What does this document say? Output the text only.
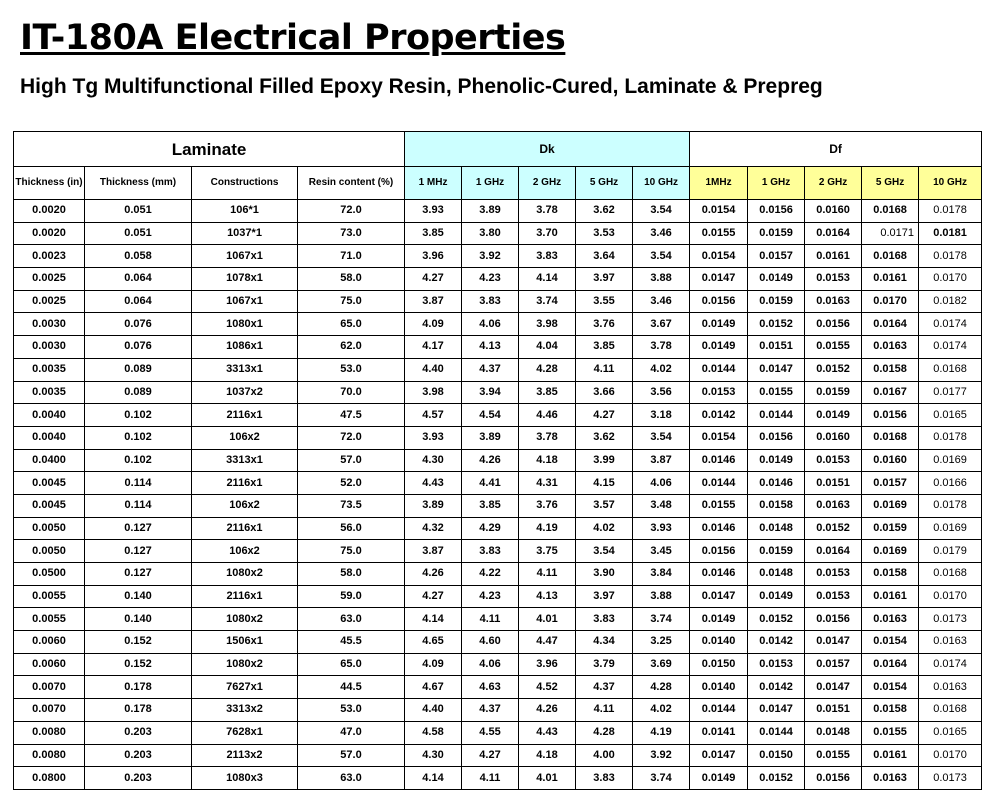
IT-180A Electrical Properties
High Tg Multifunctional Filled Epoxy Resin, Phenolic-Cured, Laminate & Prepreg
Laminate				Dk					Df				
Thickness (in)	Thickness (mm)	Constructions	Resin content (%)	1 MHz	1 GHz	2 GHz	5 GHz	10 GHz	1MHz	1 GHz	2 GHz	5 GHz	10 GHz
0.0020	0.051	106*1	72.0	3.93	3.89	3.78	3.62	3.54	0.0154	0.0156	0.0160	0.0168	0.0178
0.0020	0.051	1037*1	73.0	3.85	3.80	3.70	3.53	3.46	0.0155	0.0159	0.0164	0.0171	0.0181
0.0023	0.058	1067x1	71.0	3.96	3.92	3.83	3.64	3.54	0.0154	0.0157	0.0161	0.0168	0.0178
0.0025	0.064	1078x1	58.0	4.27	4.23	4.14	3.97	3.88	0.0147	0.0149	0.0153	0.0161	0.0170
0.0025	0.064	1067x1	75.0	3.87	3.83	3.74	3.55	3.46	0.0156	0.0159	0.0163	0.0170	0.0182
0.0030	0.076	1080x1	65.0	4.09	4.06	3.98	3.76	3.67	0.0149	0.0152	0.0156	0.0164	0.0174
0.0030	0.076	1086x1	62.0	4.17	4.13	4.04	3.85	3.78	0.0149	0.0151	0.0155	0.0163	0.0174
0.0035	0.089	3313x1	53.0	4.40	4.37	4.28	4.11	4.02	0.0144	0.0147	0.0152	0.0158	0.0168
0.0035	0.089	1037x2	70.0	3.98	3.94	3.85	3.66	3.56	0.0153	0.0155	0.0159	0.0167	0.0177
0.0040	0.102	2116x1	47.5	4.57	4.54	4.46	4.27	3.18	0.0142	0.0144	0.0149	0.0156	0.0165
0.0040	0.102	106x2	72.0	3.93	3.89	3.78	3.62	3.54	0.0154	0.0156	0.0160	0.0168	0.0178
0.0400	0.102	3313x1	57.0	4.30	4.26	4.18	3.99	3.87	0.0146	0.0149	0.0153	0.0160	0.0169
0.0045	0.114	2116x1	52.0	4.43	4.41	4.31	4.15	4.06	0.0144	0.0146	0.0151	0.0157	0.0166
0.0045	0.114	106x2	73.5	3.89	3.85	3.76	3.57	3.48	0.0155	0.0158	0.0163	0.0169	0.0178
0.0050	0.127	2116x1	56.0	4.32	4.29	4.19	4.02	3.93	0.0146	0.0148	0.0152	0.0159	0.0169
0.0050	0.127	106x2	75.0	3.87	3.83	3.75	3.54	3.45	0.0156	0.0159	0.0164	0.0169	0.0179
0.0500	0.127	1080x2	58.0	4.26	4.22	4.11	3.90	3.84	0.0146	0.0148	0.0153	0.0158	0.0168
0.0055	0.140	2116x1	59.0	4.27	4.23	4.13	3.97	3.88	0.0147	0.0149	0.0153	0.0161	0.0170
0.0055	0.140	1080x2	63.0	4.14	4.11	4.01	3.83	3.74	0.0149	0.0152	0.0156	0.0163	0.0173
0.0060	0.152	1506x1	45.5	4.65	4.60	4.47	4.34	3.25	0.0140	0.0142	0.0147	0.0154	0.0163
0.0060	0.152	1080x2	65.0	4.09	4.06	3.96	3.79	3.69	0.0150	0.0153	0.0157	0.0164	0.0174
0.0070	0.178	7627x1	44.5	4.67	4.63	4.52	4.37	4.28	0.0140	0.0142	0.0147	0.0154	0.0163
0.0070	0.178	3313x2	53.0	4.40	4.37	4.26	4.11	4.02	0.0144	0.0147	0.0151	0.0158	0.0168
0.0080	0.203	7628x1	47.0	4.58	4.55	4.43	4.28	4.19	0.0141	0.0144	0.0148	0.0155	0.0165
0.0080	0.203	2113x2	57.0	4.30	4.27	4.18	4.00	3.92	0.0147	0.0150	0.0155	0.0161	0.0170
0.0800	0.203	1080x3	63.0	4.14	4.11	4.01	3.83	3.74	0.0149	0.0152	0.0156	0.0163	0.0173
